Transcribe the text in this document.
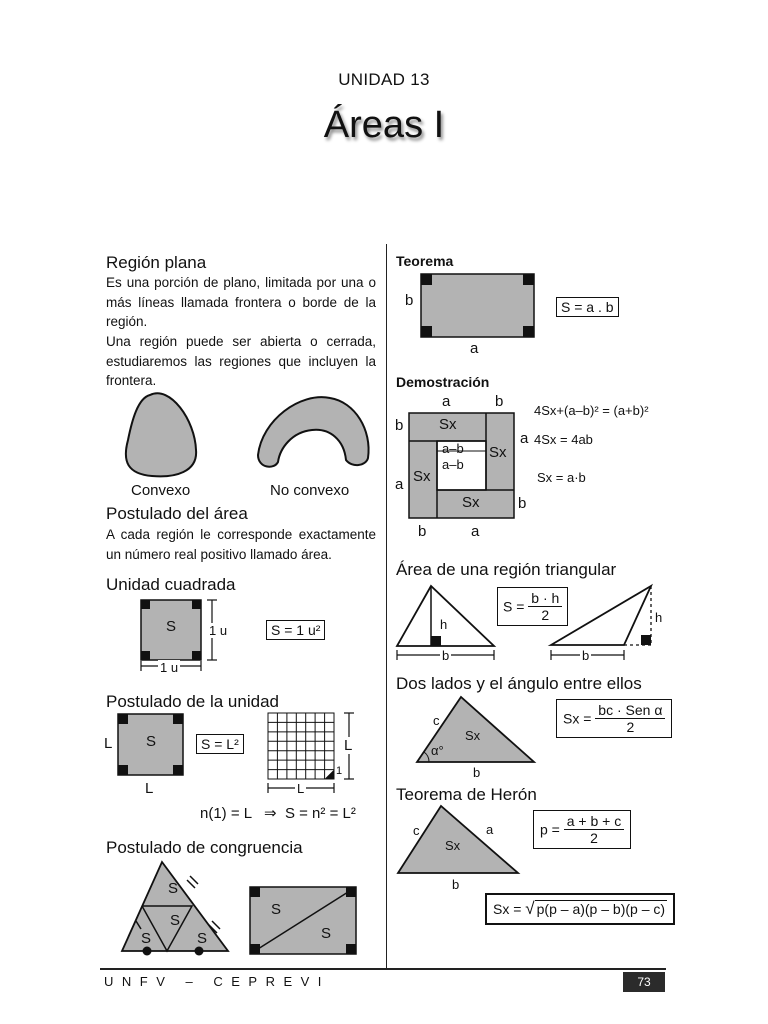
UNIDAD 13
Áreas I
Región plana
Es una porción de plano, limitada por una o más líneas llamada frontera o borde de la región.
Una región puede ser abierta o cerrada, estudiaremos las regiones que incluyen la frontera.
Convexo	No convexo
Postulado del área
A cada región le corresponde exactamente un número real positivo llamado área.
Unidad cuadrada
S	1 u
1 u
S = 1 u²
Postulado de la unidad
S
L
L
S = L²	L
L
1
n(1) = L   ⇒  S = n² = L²
Postulado de congruencia
S
S
S	S
S
S
Teorema
b
a
S = a . b
Demostración
a	b
b
a
a
b
b	a
Sx
Sx
Sx
Sx
a–b
a–b
4Sx+(a–b)² = (a+b)²
4Sx = 4ab
Sx = a·b
Área de una región triangular
h
b
h
b
$S = \frac{b \cdot h}{2}$
Dos lados y el ángulo entre ellos
c
b
Sx
α°
$Sx = \frac{\text{bc · Sen α}}{2}$
Teorema de Herón
c	a
b
Sx
$p = \frac{a + b + c}{2}$
Sx = √ p(p – a)(p – b)(p – c)
UNFV – CEPREVI	73
